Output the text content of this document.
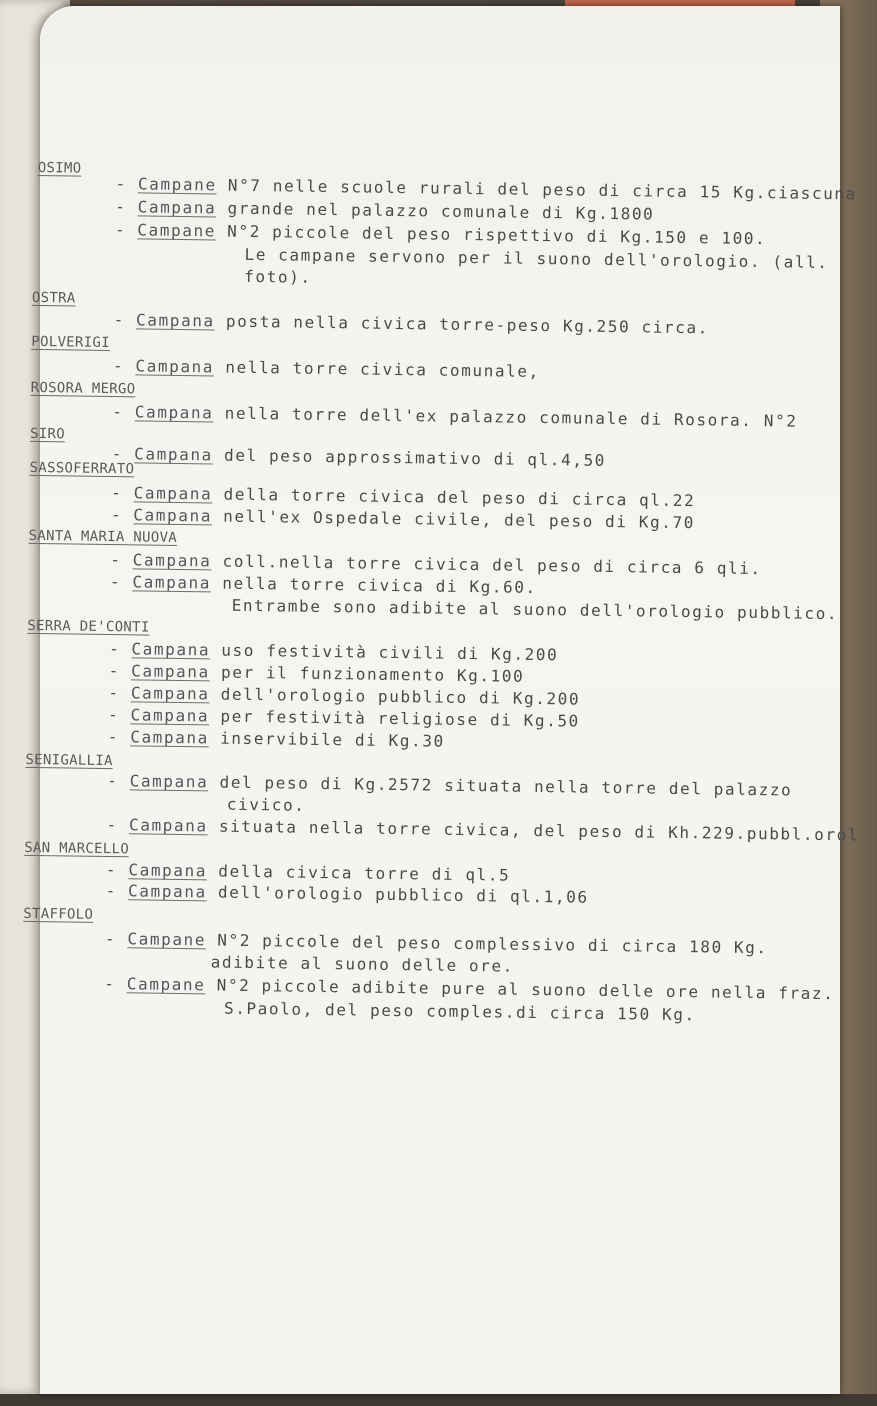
OSIMO
- Campane N°7 nelle scuole rurali del peso di circa 15 Kg.ciascuna
- Campana grande nel palazzo comunale di Kg.1800
- Campane N°2 piccole del peso rispettivo di Kg.150 e 100.
Le campane servono per il suono dell'orologio. (all.
foto).
OSTRA
- Campana posta nella civica torre-peso Kg.250 circa.
POLVERIGI
- Campana nella torre civica comunale,
ROSORA MERGO
- Campana nella torre dell'ex palazzo comunale di Rosora. N°2
SIRO
- Campana del peso approssimativo di ql.4,50
SASSOFERRATO
- Campana della torre civica del peso di circa ql.22
- Campana nell'ex Ospedale civile, del peso di Kg.70
SANTA MARIA NUOVA
- Campana coll.nella torre civica del peso di circa 6 qli.
- Campana nella torre civica di Kg.60.
Entrambe sono adibite al suono dell'orologio pubblico.
SERRA DE'CONTI
- Campana uso festività civili di Kg.200
- Campana per il funzionamento Kg.100
- Campana dell'orologio pubblico di Kg.200
- Campana per festività religiose di Kg.50
- Campana inservibile di Kg.30
SENIGALLIA
- Campana del peso di Kg.2572 situata nella torre del palazzo
civico.
- Campana situata nella torre civica, del peso di Kh.229.pubbl.orol
SAN MARCELLO
- Campana della civica torre di ql.5
- Campana dell'orologio pubblico di ql.1,06
STAFFOLO
- Campane N°2 piccole del peso complessivo di circa 180 Kg.
adibite al suono delle ore.
- Campane N°2 piccole adibite pure al suono delle ore nella fraz.
S.Paolo, del peso comples.di circa 150 Kg.
